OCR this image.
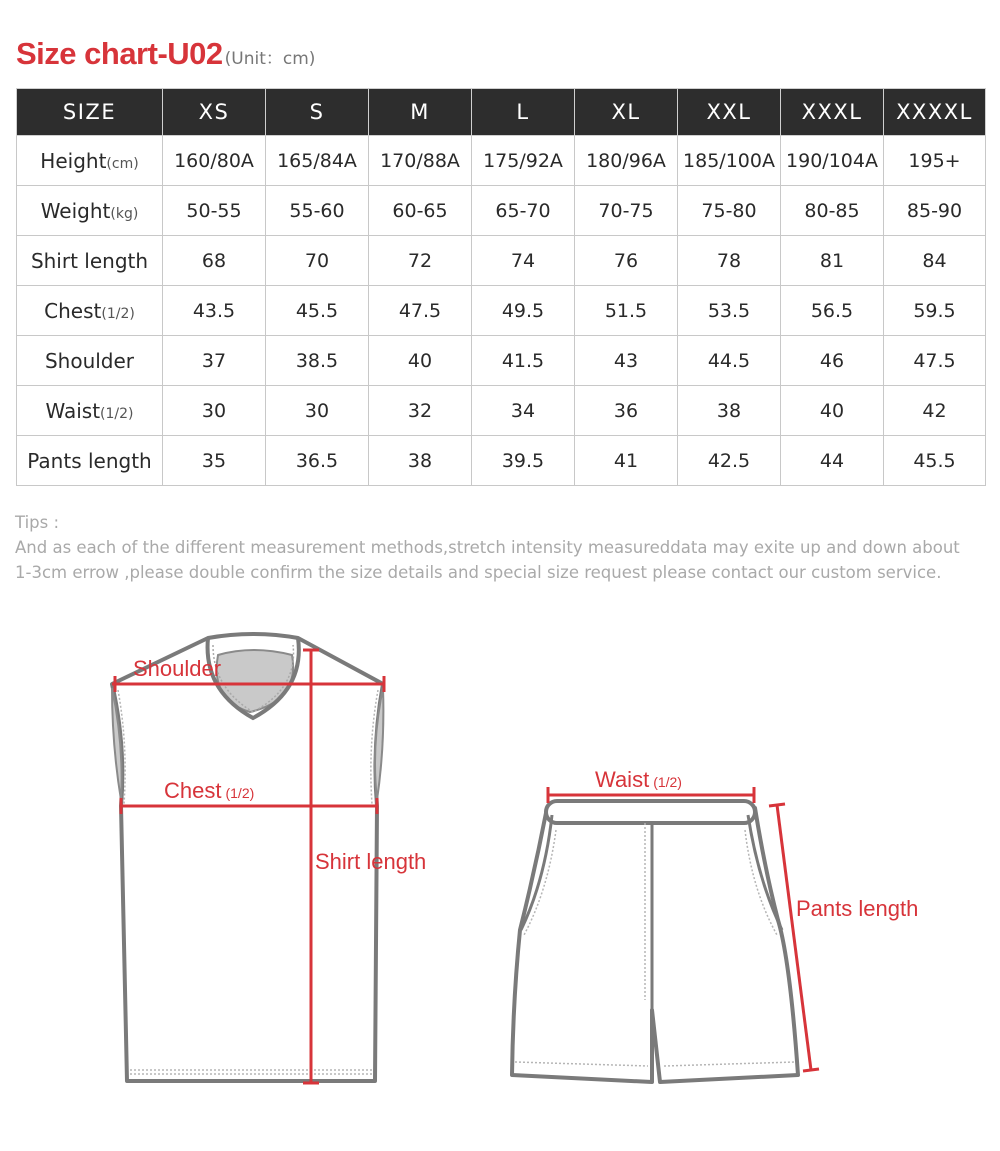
Size chart-U02 (Unit：cm)
SIZE	XS	S	M	L	XL	XXL	XXXL	XXXXL
Height(cm)	160/80A	165/84A	170/88A	175/92A	180/96A	185/100A	190/104A	195+
Weight(kg)	50-55	55-60	60-65	65-70	70-75	75-80	80-85	85-90
Shirt length	68	70	72	74	76	78	81	84
Chest(1/2)	43.5	45.5	47.5	49.5	51.5	53.5	56.5	59.5
Shoulder	37	38.5	40	41.5	43	44.5	46	47.5
Waist(1/2)	30	30	32	34	36	38	40	42
Pants length	35	36.5	38	39.5	41	42.5	44	45.5
Tips :
And as each of the different measurement methods,stretch intensity measureddata may exite up and down about 1-3cm errow ,please double confirm the size details and special size request please contact our custom service.
Shoulder
Chest (1/2)
Shirt length
Waist (1/2)
Pants length
